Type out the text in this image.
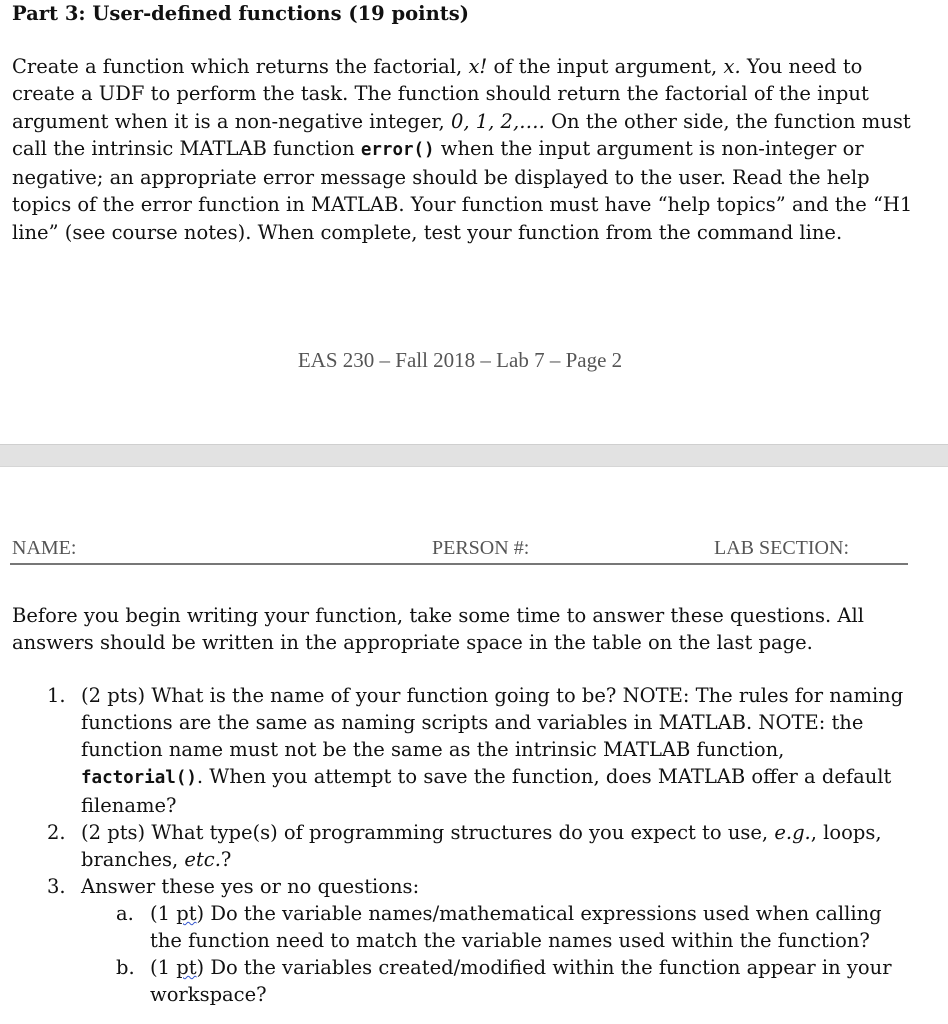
Part 3: User-defined functions (19 points)
Create a function which returns the factorial, x! of the input argument, x. You need to create a UDF to perform the task. The function should return the factorial of the input argument when it is a non-negative integer, 0, 1, 2,…. On the other side, the function must call the intrinsic MATLAB function error() when the input argument is non-integer or negative; an appropriate error message should be displayed to the user. Read the help topics of the error function in MATLAB. Your function must have “help topics” and the “H1 line” (see course notes). When complete, test your function from the command line.
EAS 230 – Fall 2018 – Lab 7 – Page 2
NAME:	PERSON #:	LAB SECTION:
Before you begin writing your function, take some time to answer these questions. All answers should be written in the appropriate space in the table on the last page.
1. (2 pts) What is the name of your function going to be? NOTE: The rules for naming functions are the same as naming scripts and variables in MATLAB. NOTE: the function name must not be the same as the intrinsic MATLAB function, factorial(). When you attempt to save the function, does MATLAB offer a default filename?
2. (2 pts) What type(s) of programming structures do you expect to use, e.g., loops, branches, etc.?
3. Answer these yes or no questions:
a. (1 pt) Do the variable names/mathematical expressions used when calling the function need to match the variable names used within the function?
b. (1 pt) Do the variables created/modified within the function appear in your workspace?
